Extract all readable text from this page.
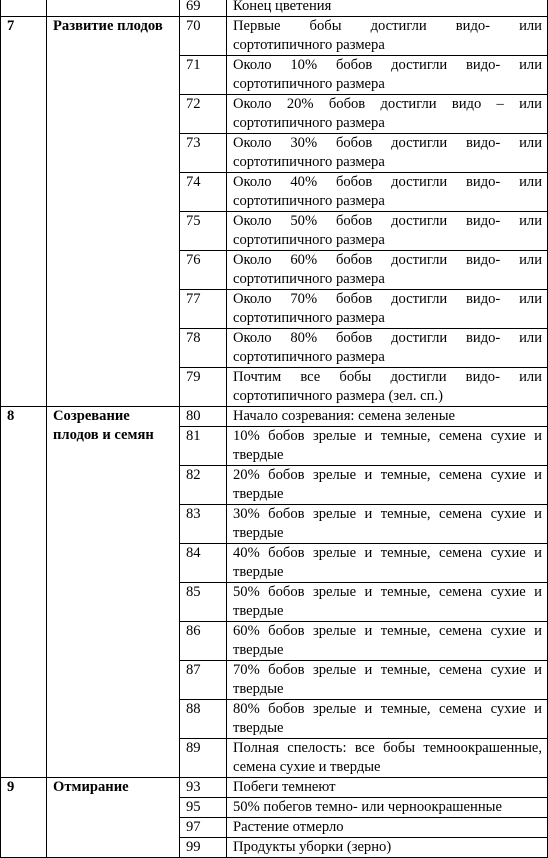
		69	Конец цветения
7	Развитие плодов	70	Первые бобы достигли видо- или сортотипичного размера
		71	Около 10% бобов достигли видо- или сортотипичного размера
		72	Около 20% бобов достигли видо – или сортотипичного размера
		73	Около 30% бобов достигли видо- или сортотипичного размера
		74	Около 40% бобов достигли видо- или сортотипичного размера
		75	Около 50% бобов достигли видо- или сортотипичного размера
		76	Около 60% бобов достигли видо- или сортотипичного размера
		77	Около 70% бобов достигли видо- или сортотипичного размера
		78	Около 80% бобов достигли видо- или сортотипичного размера
		79	Почтим все бобы достигли видо- или сортотипичного размера (зел. сп.)
8	Созревание плодов и семян	80	Начало созревания: семена зеленые
		81	10% бобов зрелые и темные, семена сухие и твердые
		82	20% бобов зрелые и темные, семена сухие и твердые
		83	30% бобов зрелые и темные, семена сухие и твердые
		84	40% бобов зрелые и темные, семена сухие и твердые
		85	50% бобов зрелые и темные, семена сухие и твердые
		86	60% бобов зрелые и темные, семена сухие и твердые
		87	70% бобов зрелые и темные, семена сухие и твердые
		88	80% бобов зрелые и темные, семена сухие и твердые
		89	Полная спелость: все бобы темноокрашенные, семена сухие и твердые
9	Отмирание	93	Побеги темнеют
		95	50% побегов темно- или черноокрашенные
		97	Растение отмерло
		99	Продукты уборки (зерно)
